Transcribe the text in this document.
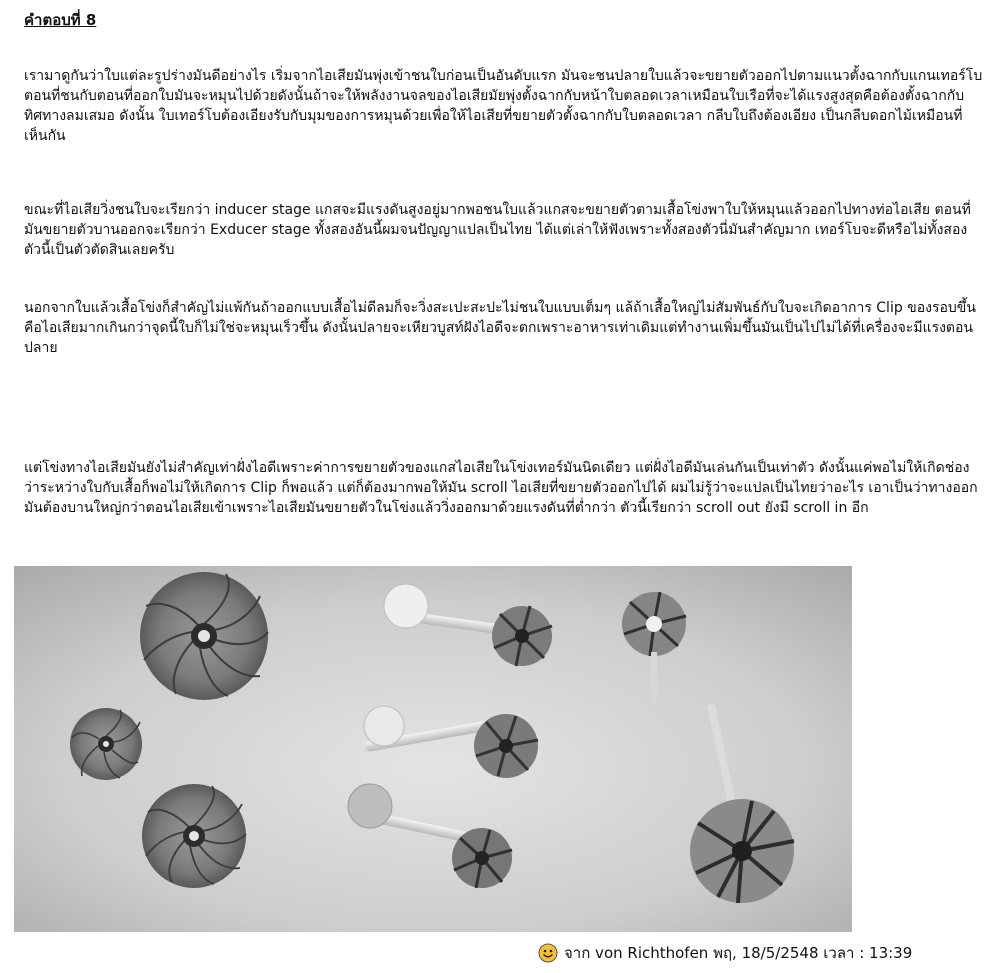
คำตอบที่ 8

เรามาดูกันว่าใบแต่ละรูปร่างมันดีอย่างไร เริ่มจากไอเสียมันพุ่งเข้าชนใบก่อนเป็นอันดับแรก มันจะชนปลายใบแล้วจะขยายตัวออกไปตามแนวตั้งฉากกับแกนเทอร์โบ ตอนที่ชนกับตอนที่ออกใบมันจะหมุนไปด้วยดังนั้นถ้าจะให้พลังงานจลของไอเสียมัยพุ่งตั้งฉากกับหน้าใบตลอดเวลาเหมือนใบเรือที่จะได้แรงสูงสุดคือต้องตั้งฉากกับทิศทางลมเสมอ ดังนั้น ใบเทอร์โบต้องเอียงรับกับมุมของการหมุนด้วยเพื่อให้ไอเสียที่ขยายตัวตั้งฉากกับใบตลอดเวลา กลีบใบถึงต้องเอียง เป็นกลีบดอกไม้เหมือนที่เห็นกัน

ขณะที่ไอเสียวิ่งชนใบจะเรียกว่า inducer stage แกสจะมีแรงดันสูงอยู่มากพอชนใบแล้วแกสจะขยายตัวตามเสื้อโข่งพาใบให้หมุนแล้วออกไปทางท่อไอเสีย ตอนที่มันขยายตัวบานออกจะเรียกว่า Exducer stage ทั้งสองอันนี้ผมจนปัญญาแปลเป็นไทย ได้แต่เล่าให้ฟังเพราะทั้งสองตัวนี่มันสำคัญมาก เทอร์โบจะดีหรือไม่ทั้งสองตัวนี้เป็นตัวตัดสินเลยครับ

นอกจากใบแล้วเสื้อโข่งก็สำคัญไม่แพ้กันถ้าออกแบบเสื้อไม่ดีลมก็จะวิ่งสะเปะสะปะไม่ชนใบแบบเต็มๆ แล้ถ้าเสื้อใหญ่ไม่สัมพันธ์กับใบจะเกิดอาการ Clip ของรอบขึ้น คือไอเสียมากเกินกว่าจุดนี้ใบก็ไม่ใช่จะหมุนเร็วขึ้น ดังนั้นปลายจะเหียวบูสท์ฝังไอดีจะตกเพราะอาหารเท่าเดิมแต่ทำงานเพิ่มขึ้นมันเป็นไปไม่ได้ที่เครื่องจะมีแรงตอนปลาย

แต่โข่งทางไอเสียมันยังไม่สำคัญเท่าฝั่งไอดีเพราะค่าการขยายตัวของแกสไอเสียในโข่งเทอร์มันนิดเดียว แต่ฝั่งไอดีมันเล่นกันเป็นเท่าตัว ดังนั้นแค่พอไม่ให้เกิดช่องว่าระหว่างใบกับเสื้อก็พอไม่ให้เกิดการ Clip ก็พอแล้ว แต่ก็ต้องมากพอให้มัน scroll ไอเสียที่ขยายตัวออกไปได้ ผมไม่รู้ว่าจะแปลเป็นไทยว่าอะไร เอาเป็นว่าทางออกมันต้องบานใหญ่กว่าตอนไอเสียเข้าเพราะไอเสียมันขยายตัวในโข่งแล้ววิ่งออกมาด้วยแรงดันที่ต่ำกว่า ตัวนี้เรียกว่า scroll out ยังมี scroll in อีก

จาก von Richthofen พฤ, 18/5/2548 เวลา : 13:39
